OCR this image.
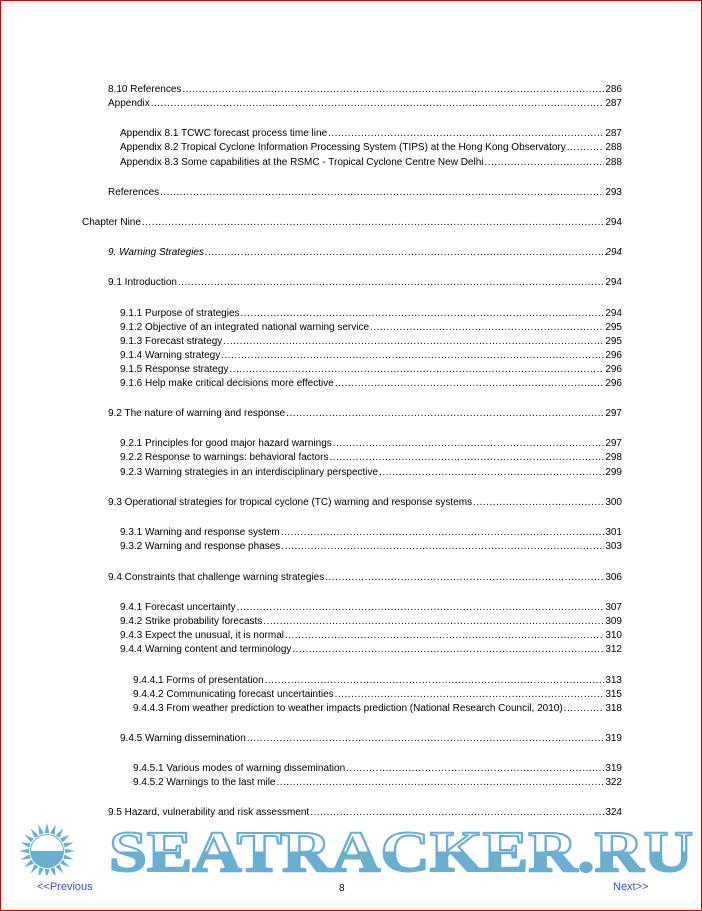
8.10 References .....	286
Appendix .....	287
Appendix 8.1 TCWC forecast process time line .....	287
Appendix 8.2 Tropical Cyclone Information Processing System (TIPS) at the Hong Kong Observatory .....	288
Appendix 8.3 Some capabilities at the RSMC - Tropical Cyclone Centre New Delhi .....	288
References .....	293
Chapter Nine .....	294
9. Warning Strategies .....	294
9.1 Introduction .....	294
9.1.1 Purpose of strategies .....	294
9.1.2 Objective of an integrated national warning service .....	295
9.1.3 Forecast strategy .....	295
9.1.4 Warning strategy .....	296
9.1.5 Response strategy .....	296
9.1.6 Help make critical decisions more effective .....	296
9.2 The nature of warning and response .....	297
9.2.1 Principles for good major hazard warnings .....	297
9.2.2 Response to warnings: behavioral factors .....	298
9.2.3 Warning strategies in an interdisciplinary perspective .....	299
9.3 Operational strategies for tropical cyclone (TC) warning and response systems .....	300
9.3.1 Warning and response system .....	301
9.3.2 Warning and response phases .....	303
9.4 Constraints that challenge warning strategies .....	306
9.4.1 Forecast uncertainty .....	307
9.4.2 Strike probability forecasts .....	309
9.4.3 Expect the unusual, it is normal .....	310
9.4.4 Warning content and terminology .....	312
9.4.4.1 Forms of presentation .....	313
9.4.4.2 Communicating forecast uncertainties .....	315
9.4.4.3 From weather prediction to weather impacts prediction (National Research Council, 2010) .....	318
9.4.5 Warning dissemination .....	319
9.4.5.1 Various modes of warning dissemination .....	319
9.4.5.2 Warnings to the last mile .....	322
9.5 Hazard, vulnerability and risk assessment .....	324
SEATRACKER.RU
<<Previous	8	Next>>
